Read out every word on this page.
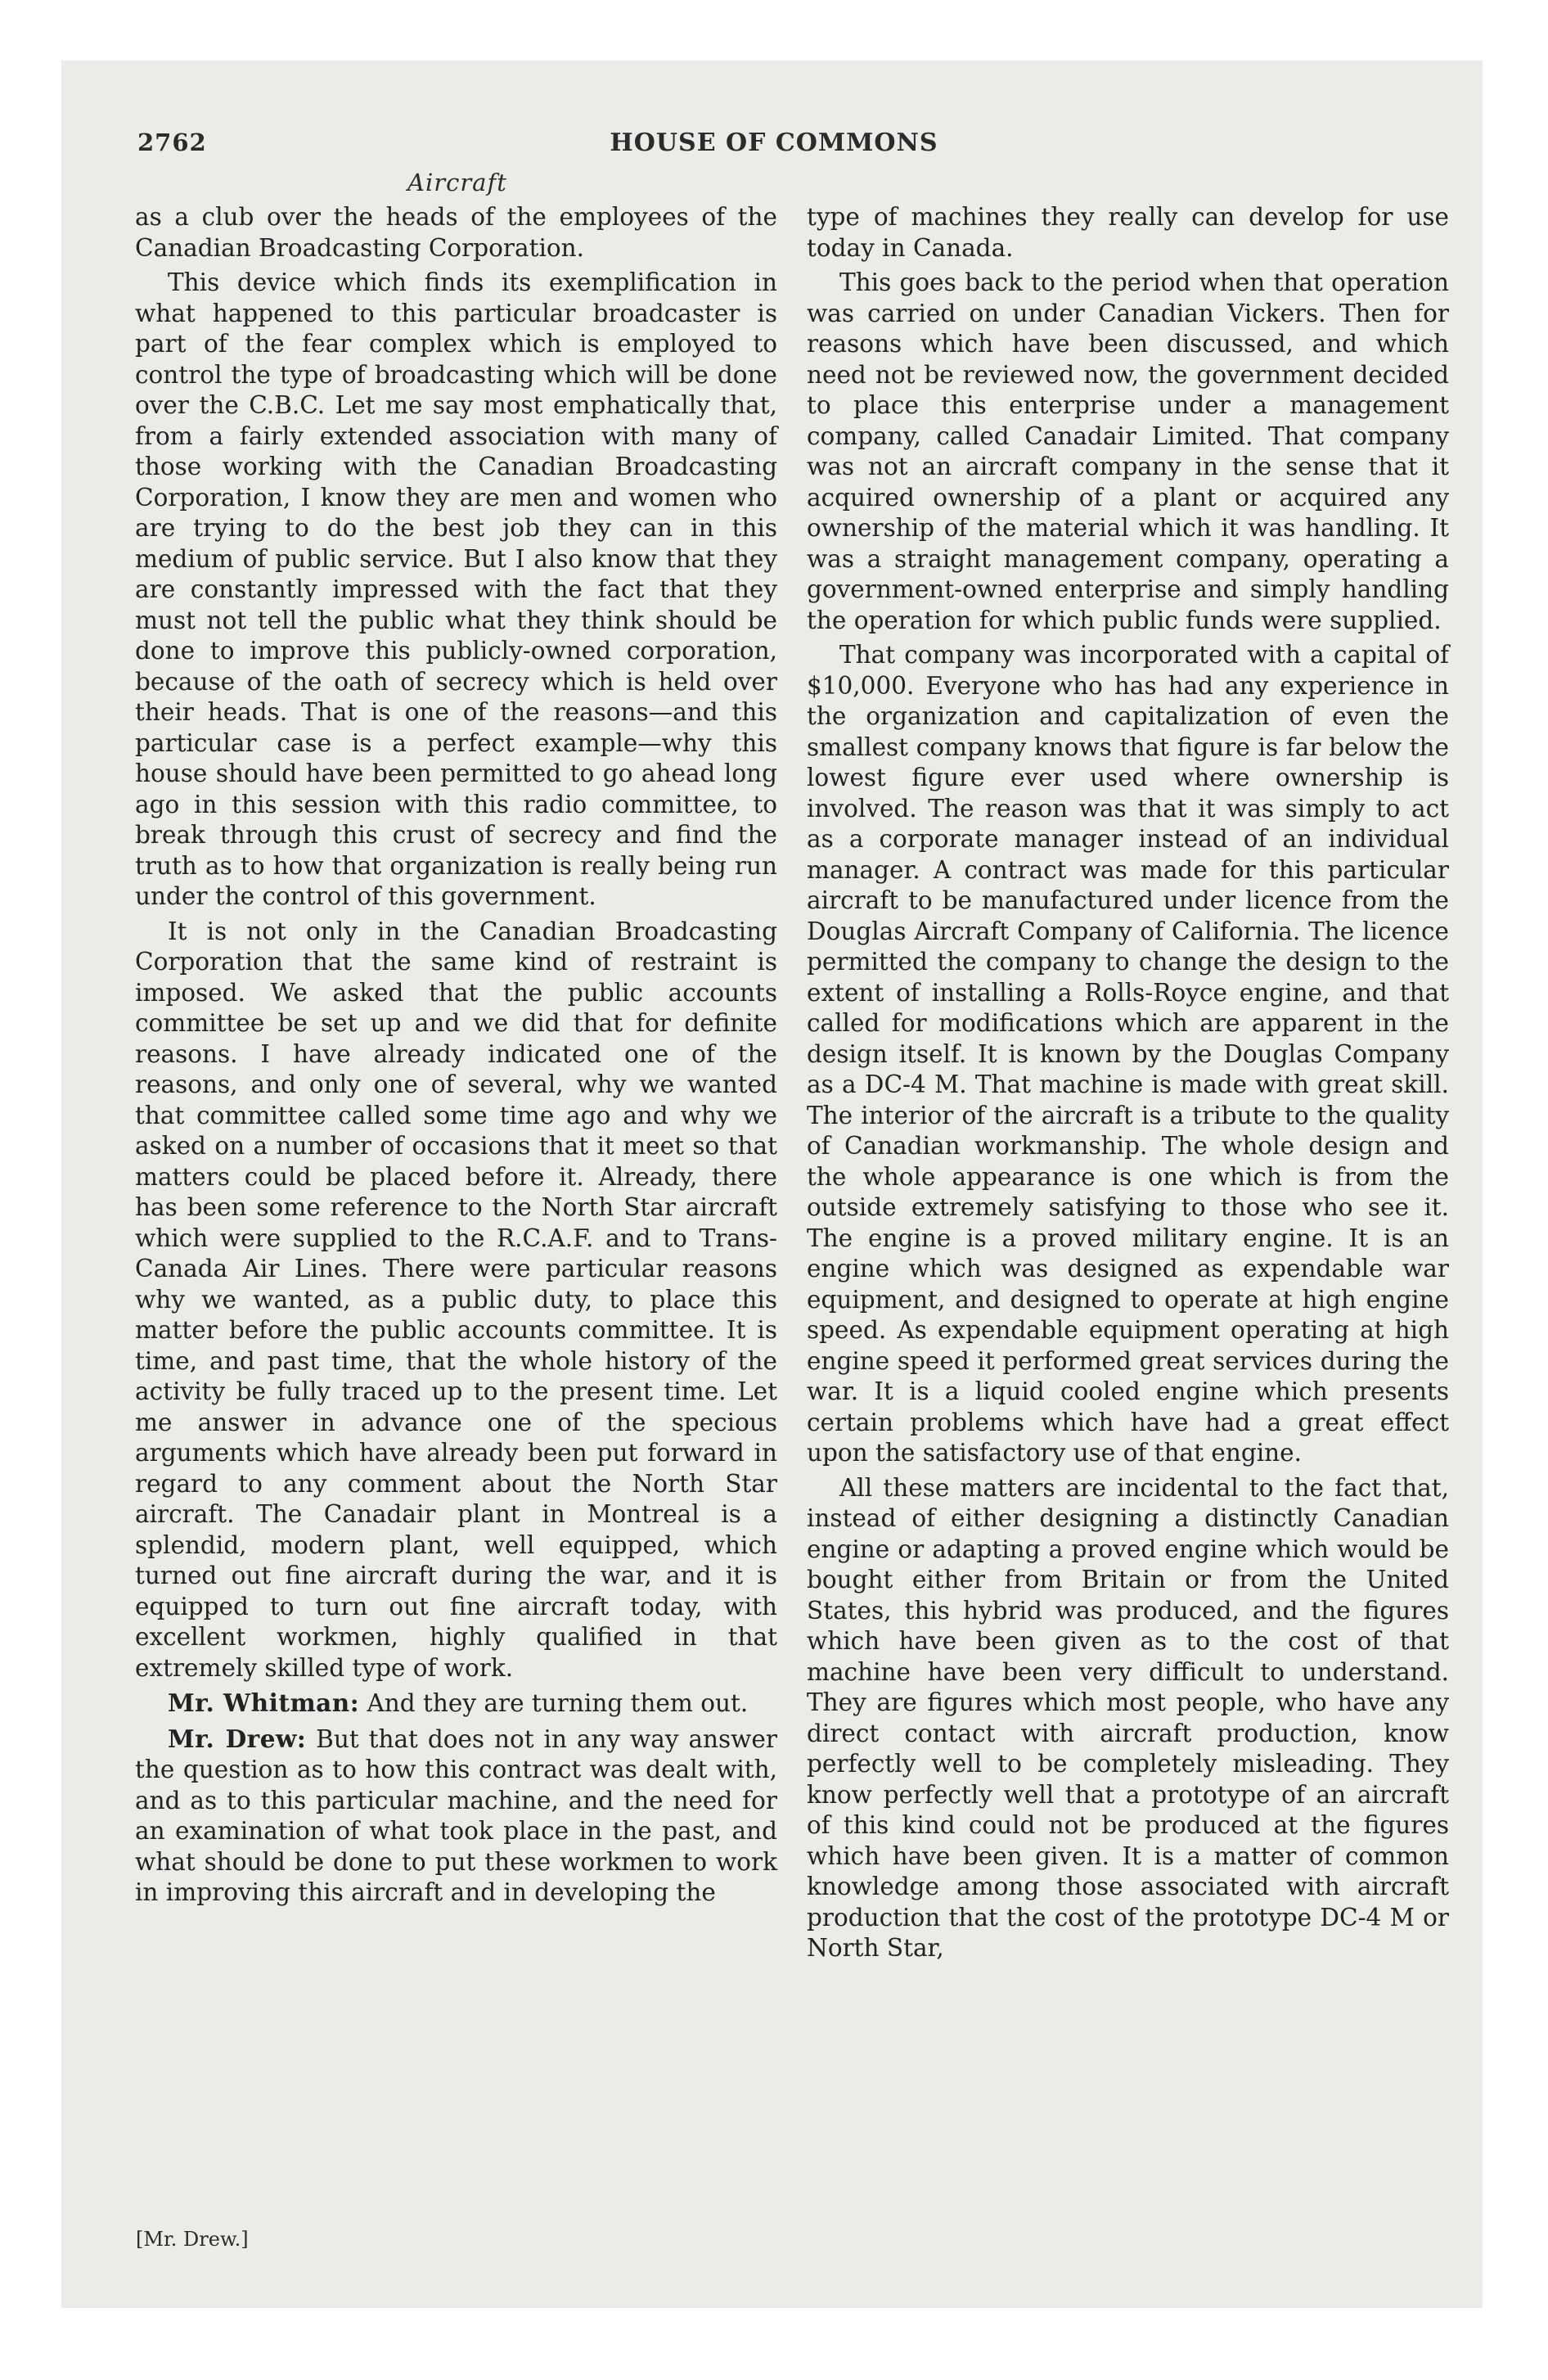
2762	HOUSE OF COMMONS
Aircraft

as a club over the heads of the employees of the Canadian Broadcasting Corporation.

This device which finds its exemplification in what happened to this particular broadcaster is part of the fear complex which is employed to control the type of broadcasting which will be done over the C.B.C. Let me say most emphatically that, from a fairly extended association with many of those working with the Canadian Broadcasting Corporation, I know they are men and women who are trying to do the best job they can in this medium of public service. But I also know that they are constantly impressed with the fact that they must not tell the public what they think should be done to improve this publicly-owned corporation, because of the oath of secrecy which is held over their heads. That is one of the reasons—and this particular case is a perfect example—why this house should have been permitted to go ahead long ago in this session with this radio committee, to break through this crust of secrecy and find the truth as to how that organization is really being run under the control of this government.

It is not only in the Canadian Broadcasting Corporation that the same kind of restraint is imposed. We asked that the public accounts committee be set up and we did that for definite reasons. I have already indicated one of the reasons, and only one of several, why we wanted that committee called some time ago and why we asked on a number of occasions that it meet so that matters could be placed before it. Already, there has been some reference to the North Star aircraft which were supplied to the R.C.A.F. and to Trans-Canada Air Lines. There were particular reasons why we wanted, as a public duty, to place this matter before the public accounts committee. It is time, and past time, that the whole history of the activity be fully traced up to the present time. Let me answer in advance one of the specious arguments which have already been put forward in regard to any comment about the North Star aircraft. The Canadair plant in Montreal is a splendid, modern plant, well equipped, which turned out fine aircraft during the war, and it is equipped to turn out fine aircraft today, with excellent workmen, highly qualified in that extremely skilled type of work.

Mr. Whitman: And they are turning them out.

Mr. Drew: But that does not in any way answer the question as to how this contract was dealt with, and as to this particular machine, and the need for an examination of what took place in the past, and what should be done to put these workmen to work in improving this aircraft and in developing the

[Mr. Drew.]

type of machines they really can develop for use today in Canada.

This goes back to the period when that operation was carried on under Canadian Vickers. Then for reasons which have been discussed, and which need not be reviewed now, the government decided to place this enterprise under a management company, called Canadair Limited. That company was not an aircraft company in the sense that it acquired ownership of a plant or acquired any ownership of the material which it was handling. It was a straight management company, operating a government-owned enterprise and simply handling the operation for which public funds were supplied.

That company was incorporated with a capital of $10,000. Everyone who has had any experience in the organization and capitalization of even the smallest company knows that figure is far below the lowest figure ever used where ownership is involved. The reason was that it was simply to act as a corporate manager instead of an individual manager. A contract was made for this particular aircraft to be manufactured under licence from the Douglas Aircraft Company of California. The licence permitted the company to change the design to the extent of installing a Rolls-Royce engine, and that called for modifications which are apparent in the design itself. It is known by the Douglas Company as a DC-4 M. That machine is made with great skill. The interior of the aircraft is a tribute to the quality of Canadian workmanship. The whole design and the whole appearance is one which is from the outside extremely satisfying to those who see it. The engine is a proved military engine. It is an engine which was designed as expendable war equipment, and designed to operate at high engine speed. As expendable equipment operating at high engine speed it performed great services during the war. It is a liquid cooled engine which presents certain problems which have had a great effect upon the satisfactory use of that engine.

All these matters are incidental to the fact that, instead of either designing a distinctly Canadian engine or adapting a proved engine which would be bought either from Britain or from the United States, this hybrid was produced, and the figures which have been given as to the cost of that machine have been very difficult to understand. They are figures which most people, who have any direct contact with aircraft production, know perfectly well to be completely misleading. They know perfectly well that a prototype of an aircraft of this kind could not be produced at the figures which have been given. It is a matter of common knowledge among those associated with aircraft production that the cost of the prototype DC-4 M or North Star,
